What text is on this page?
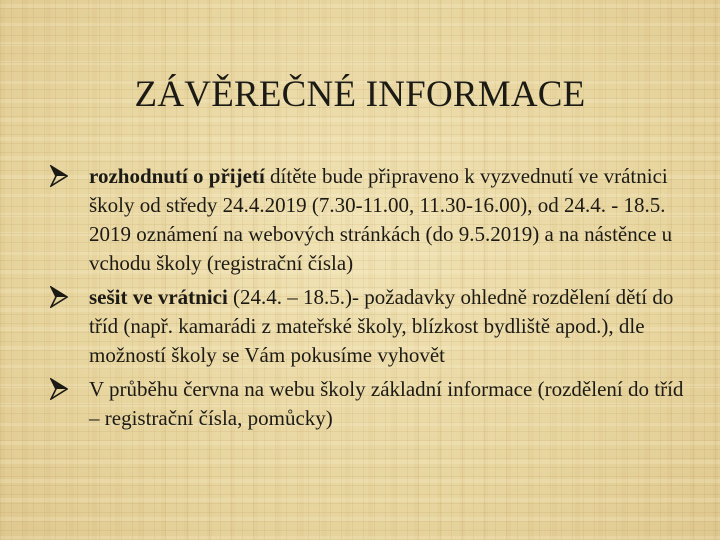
ZÁVĚREČNÉ INFORMACE
rozhodnutí o přijetí dítěte bude připraveno k vyzvednutí ve vrátnici školy od středy 24.4.2019 (7.30-11.00, 11.30-16.00), od 24.4. - 18.5. 2019 oznámení na webových stránkách (do 9.5.2019) a na nástěnce u vchodu školy (registrační čísla)
sešit ve vrátnici (24.4. – 18.5.)- požadavky ohledně rozdělení dětí do tříd (např. kamarádi z mateřské školy, blízkost bydliště apod.), dle možností školy se Vám pokusíme vyhovět
V průběhu června na webu školy základní informace (rozdělení do tříd – registrační čísla, pomůcky)
